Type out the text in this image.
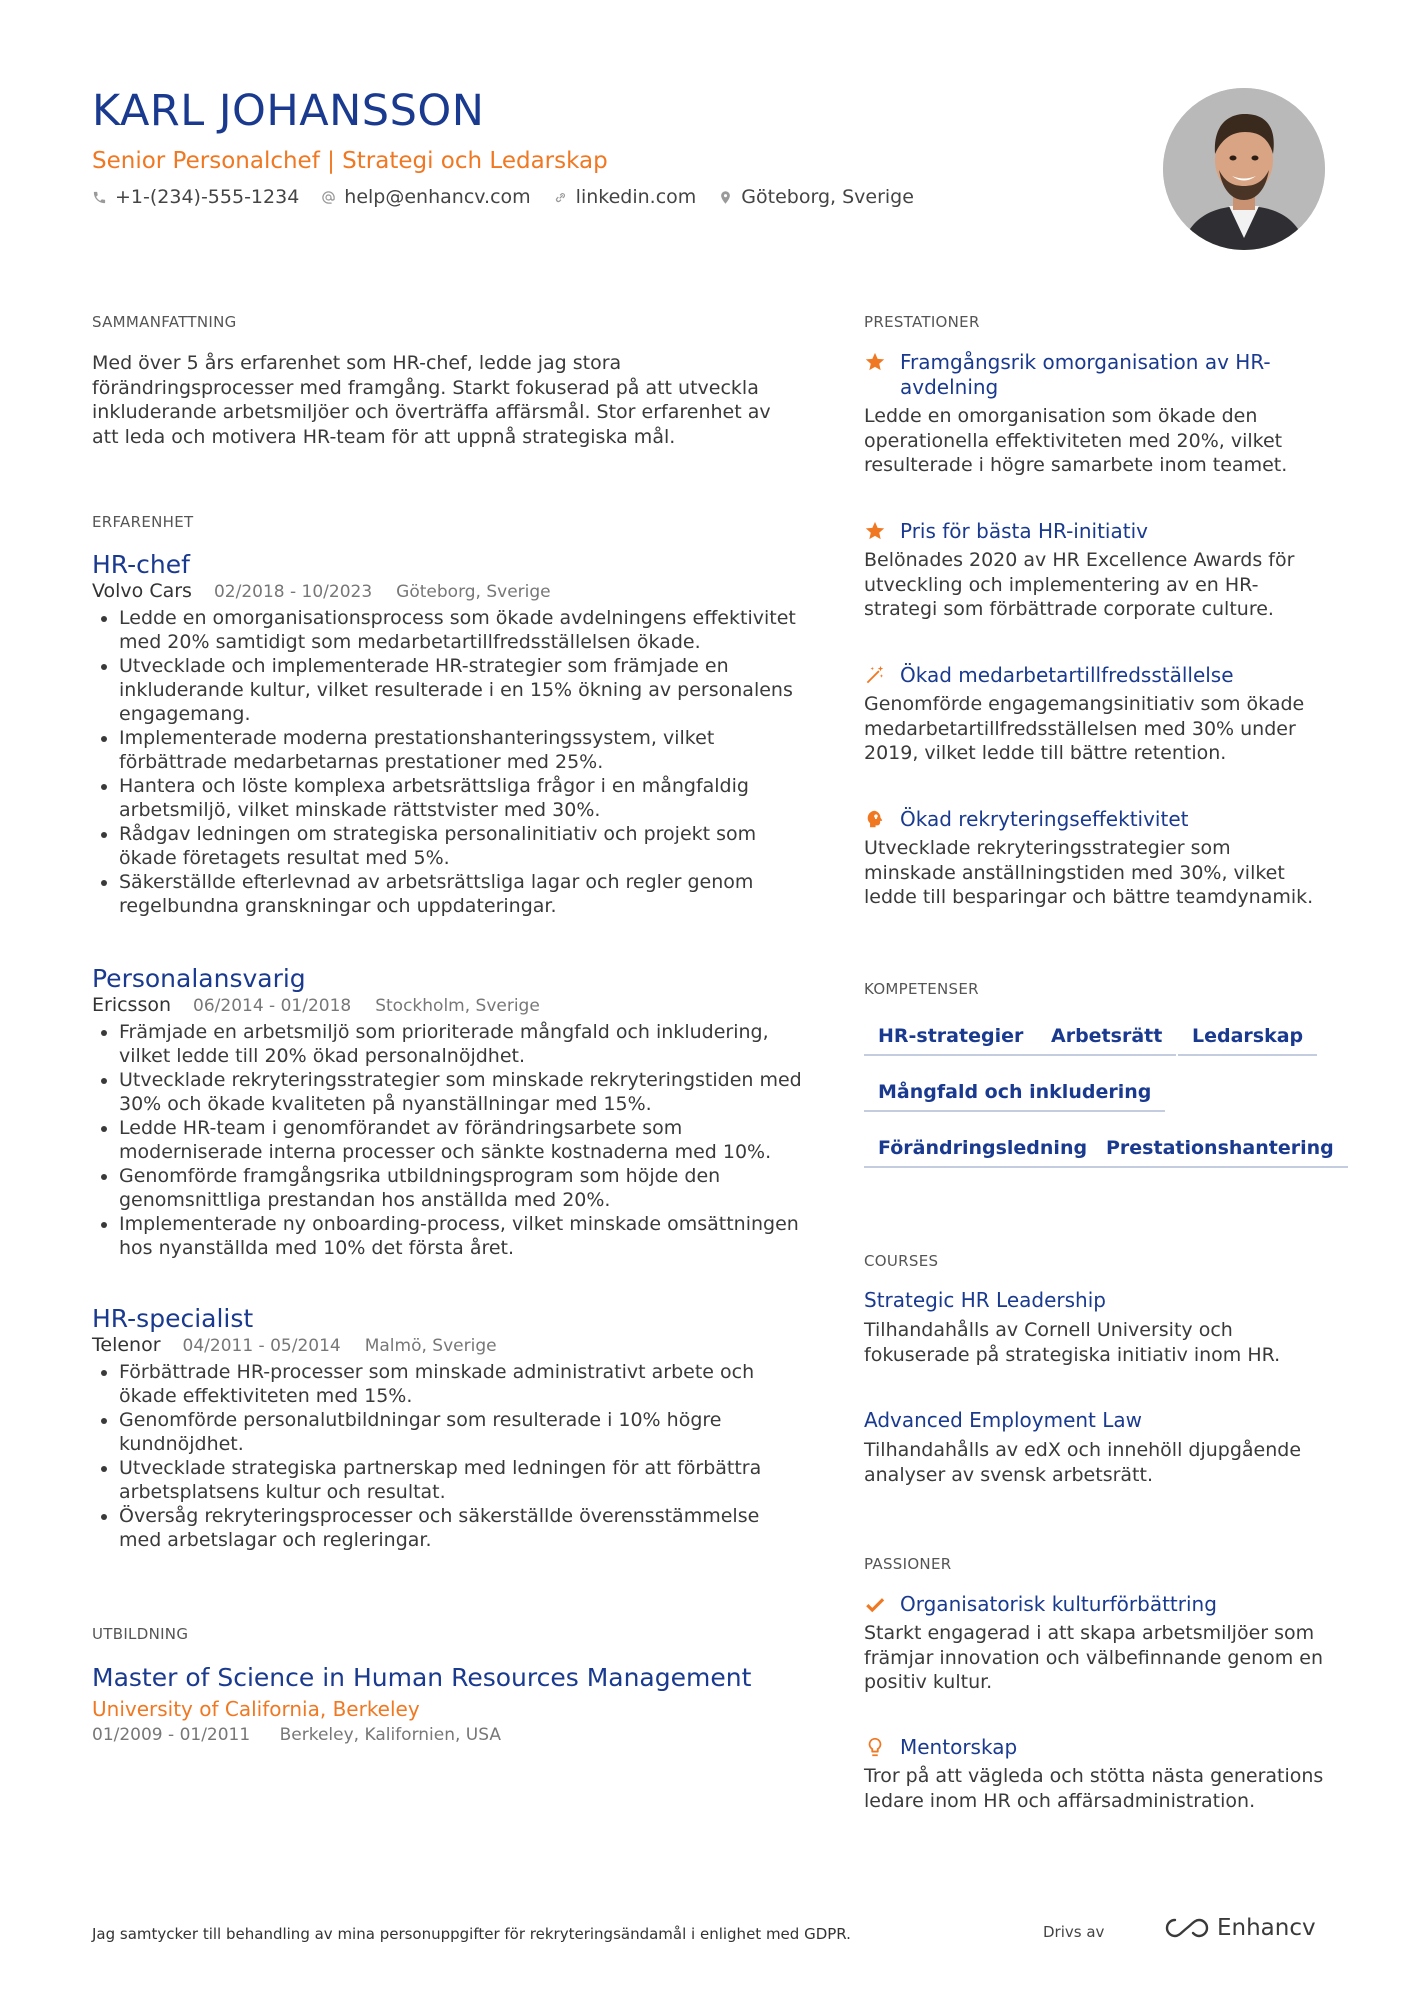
KARL JOHANSSON
Senior Personalchef | Strategi och Ledarskap
+1-(234)-555-1234 help@enhancv.com linkedin.com Göteborg, Sverige
SAMMANFATTNING
Med över 5 års erfarenhet som HR-chef, ledde jag stora förändringsprocesser med framgång. Starkt fokuserad på att utveckla inkluderande arbetsmiljöer och överträffa affärsmål. Stor erfarenhet av att leda och motivera HR-team för att uppnå strategiska mål.
ERFARENHET
HR-chef
Volvo Cars 02/2018 - 10/2023 Göteborg, Sverige
• Ledde en omorganisationsprocess som ökade avdelningens effektivitet med 20% samtidigt som medarbetartillfredsställelsen ökade.
• Utvecklade och implementerade HR-strategier som främjade en inkluderande kultur, vilket resulterade i en 15% ökning av personalens engagemang.
• Implementerade moderna prestationshanteringssystem, vilket förbättrade medarbetarnas prestationer med 25%.
• Hantera och löste komplexa arbetsrättsliga frågor i en mångfaldig arbetsmiljö, vilket minskade rättstvister med 30%.
• Rådgav ledningen om strategiska personalinitiativ och projekt som ökade företagets resultat med 5%.
• Säkerställde efterlevnad av arbetsrättsliga lagar och regler genom regelbundna granskningar och uppdateringar.
Personalansvarig
Ericsson 06/2014 - 01/2018 Stockholm, Sverige
• Främjade en arbetsmiljö som prioriterade mångfald och inkludering, vilket ledde till 20% ökad personalnöjdhet.
• Utvecklade rekryteringsstrategier som minskade rekryteringstiden med 30% och ökade kvaliteten på nyanställningar med 15%.
• Ledde HR-team i genomförandet av förändringsarbete som moderniserade interna processer och sänkte kostnaderna med 10%.
• Genomförde framgångsrika utbildningsprogram som höjde den genomsnittliga prestandan hos anställda med 20%.
• Implementerade ny onboarding-process, vilket minskade omsättningen hos nyanställda med 10% det första året.
HR-specialist
Telenor 04/2011 - 05/2014 Malmö, Sverige
• Förbättrade HR-processer som minskade administrativt arbete och ökade effektiviteten med 15%.
• Genomförde personalutbildningar som resulterade i 10% högre kundnöjdhet.
• Utvecklade strategiska partnerskap med ledningen för att förbättra arbetsplatsens kultur och resultat.
• Översåg rekryteringsprocesser och säkerställde överensstämmelse med arbetslagar och regleringar.
UTBILDNING
Master of Science in Human Resources Management
University of California, Berkeley
01/2009 - 01/2011 Berkeley, Kalifornien, USA
PRESTATIONER
Framgångsrik omorganisation av HR-avdelning
Ledde en omorganisation som ökade den operationella effektiviteten med 20%, vilket resulterade i högre samarbete inom teamet.
Pris för bästa HR-initiativ
Belönades 2020 av HR Excellence Awards för utveckling och implementering av en HR-strategi som förbättrade corporate culture.
Ökad medarbetartillfredsställelse
Genomförde engagemangsinitiativ som ökade medarbetartillfredsställelsen med 30% under 2019, vilket ledde till bättre retention.
Ökad rekryteringseffektivitet
Utvecklade rekryteringsstrategier som minskade anställningstiden med 30%, vilket ledde till besparingar och bättre teamdynamik.
KOMPETENSER
HR-strategier	Arbetsrätt	Ledarskap
Mångfald och inkludering
Förändringsledning Prestationshantering
COURSES
Strategic HR Leadership
Tilhandahålls av Cornell University och fokuserade på strategiska initiativ inom HR.
Advanced Employment Law
Tilhandahålls av edX och innehöll djupgående analyser av svensk arbetsrätt.
PASSIONER
Organisatorisk kulturförbättring
Starkt engagerad i att skapa arbetsmiljöer som främjar innovation och välbefinnande genom en positiv kultur.
Mentorskap
Tror på att vägleda och stötta nästa generations ledare inom HR och affärsadministration.
Jag samtycker till behandling av mina personuppgifter för rekryteringsändamål i enlighet med GDPR.	Drivs av	Enhancv
